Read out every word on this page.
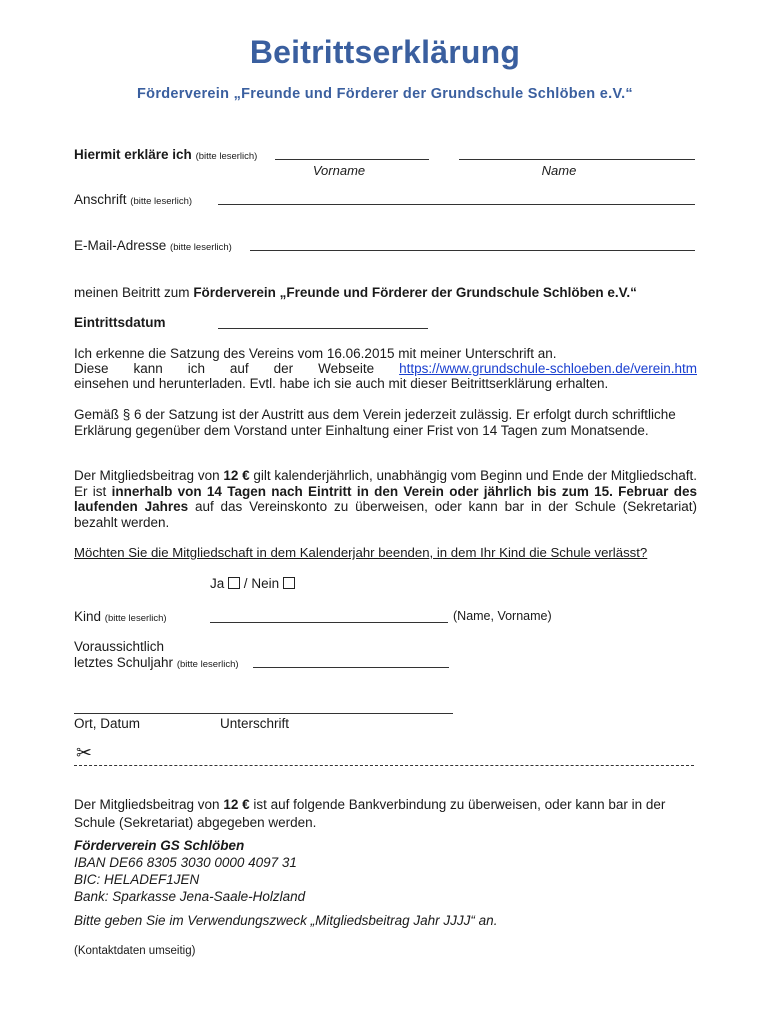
Beitrittserklärung
Förderverein „Freunde und Förderer der Grundschule Schlöben e.V.“
Hiermit erkläre ich (bitte leserlich)
Vorname	Name
Anschrift (bitte leserlich)
E-Mail-Adresse (bitte leserlich)
meinen Beitritt zum Förderverein „Freunde und Förderer der Grundschule Schlöben e.V.“
Eintrittsdatum
Ich erkenne die Satzung des Vereins vom 16.06.2015 mit meiner Unterschrift an.
Diese kann ich auf der Webseite https://www.grundschule-schloeben.de/verein.htm
einsehen und herunterladen. Evtl. habe ich sie auch mit dieser Beitrittserklärung erhalten.
Gemäß § 6 der Satzung ist der Austritt aus dem Verein jederzeit zulässig. Er erfolgt durch schriftliche Erklärung gegenüber dem Vorstand unter Einhaltung einer Frist von 14 Tagen zum Monatsende.
Der Mitgliedsbeitrag von 12 € gilt kalenderjährlich, unabhängig vom Beginn und Ende der Mitgliedschaft. Er ist innerhalb von 14 Tagen nach Eintritt in den Verein oder jährlich bis zum 15. Februar des laufenden Jahres auf das Vereinskonto zu überweisen, oder kann bar in der Schule (Sekretariat) bezahlt werden.
Möchten Sie die Mitgliedschaft in dem Kalenderjahr beenden, in dem Ihr Kind die Schule verlässt?
Ja / Nein
Kind (bitte leserlich)	(Name, Vorname)
Voraussichtlich
letztes Schuljahr (bitte leserlich)
Ort, Datum	Unterschrift
✂
Der Mitgliedsbeitrag von 12 € ist auf folgende Bankverbindung zu überweisen, oder kann bar in der Schule (Sekretariat) abgegeben werden.
Förderverein GS Schlöben
IBAN DE66 8305 3030 0000 4097 31
BIC: HELADEF1JEN
Bank: Sparkasse Jena-Saale-Holzland
Bitte geben Sie im Verwendungszweck „Mitgliedsbeitrag Jahr JJJJ“ an.
(Kontaktdaten umseitig)
